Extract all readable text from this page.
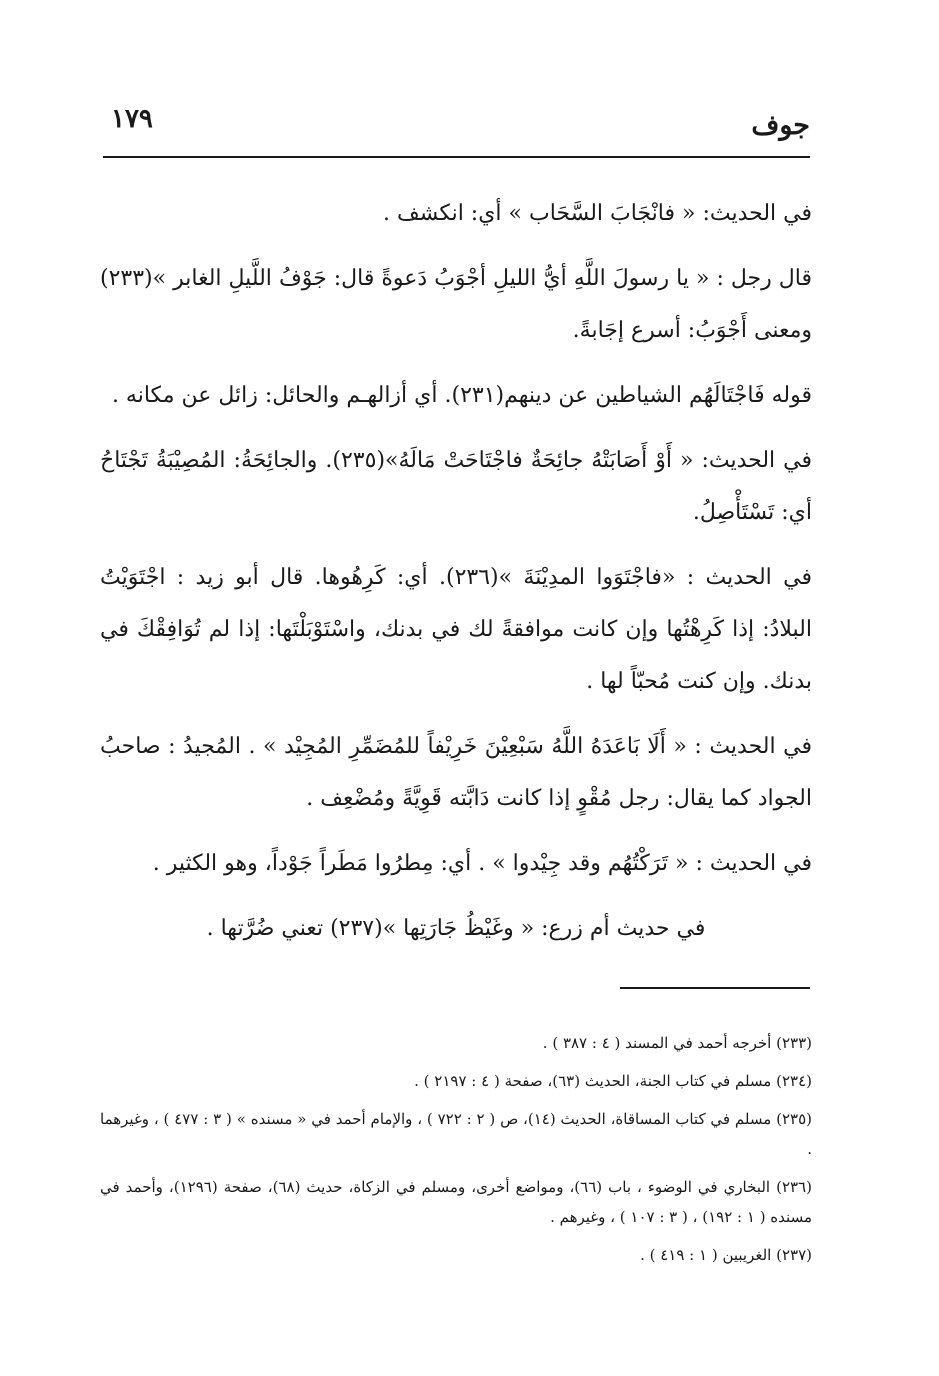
جوف
١٧٩

في الحديث: « فانْجَابَ السَّحَاب » أي: انكشف .

قال رجل : « يا رسولَ اللَّهِ أيُّ الليلِ أجْوَبُ دَعوةً قال: جَوْفُ اللَّيلِ الغابر »(٢٣٣) ومعنى أَجْوَبُ: أسرع إجَابةً.

قوله فَاجْتَالَهُم الشياطين عن دينهم(٢٣١). أي أزالهـم والحائل: زائل عن مكانه .

في الحديث: « أَوْ أَصَابَتْهُ جائِحَةٌ فاجْتَاحَتْ مَالَهُ»(٢٣٥). والجائِحَةُ: المُصِيْبَةُ تَجْتَاحُ أي: تَسْتَأْصِلُ.

في الحديث : «فاجْتَوَوا المدِيْنَةَ »(٢٣٦). أي: كَرِهُوها. قال أبو زيد : اجْتَوَيْتُ البلادُ: إذا كَرِهْتُها وإن كانت موافقةً لك في بدنك، واسْتَوْبَلْتَها: إذا لم تُوَافِقْكَ في بدنك. وإن كنت مُحبّاً لها .

في الحديث : « أَلَا بَاعَدَهُ اللَّهُ سَبْعِيْنَ خَرِيْفاً للمُضَمِّرِ المُجِيْد » . المُجيدُ : صاحبُ الجواد كما يقال: رجل مُقْوٍ إذا كانت دَابَّته قَوِيَّةً ومُضْعِف .

في الحديث : « تَرَكْتُهُم وقد جِيْدوا » . أي: مِطرُوا مَطَراً جَوْداً، وهو الكثير .

في حديث أم زرع: « وغَيْظُ جَارَتِها »(٢٣٧) تعني ضُرَّتها .

(٢٣٣) أخرجه أحمد في المسند ( ٤ : ٣٨٧ ) .

(٢٣٤) مسلم في كتاب الجنة، الحديث (٦٣)، صفحة ( ٤ : ٢١٩٧ ) .

(٢٣٥) مسلم في كتاب المساقاة، الحديث (١٤)، ص ( ٢ : ٧٢٢ ) ، والإمام أحمد في « مسنده » ( ٣ : ٤٧٧ ) ، وغيرهما .

(٢٣٦) البخاري في الوضوء ، باب (٦٦)، ومواضع أخرى، ومسلم في الزكاة، حديث (٦٨)، صفحة (١٢٩٦)، وأحمد في مسنده ( ١ : ١٩٢) ، ( ٣ : ١٠٧ ) ، وغيرهم .

(٢٣٧) الغريبين ( ١ : ٤١٩ ) .
